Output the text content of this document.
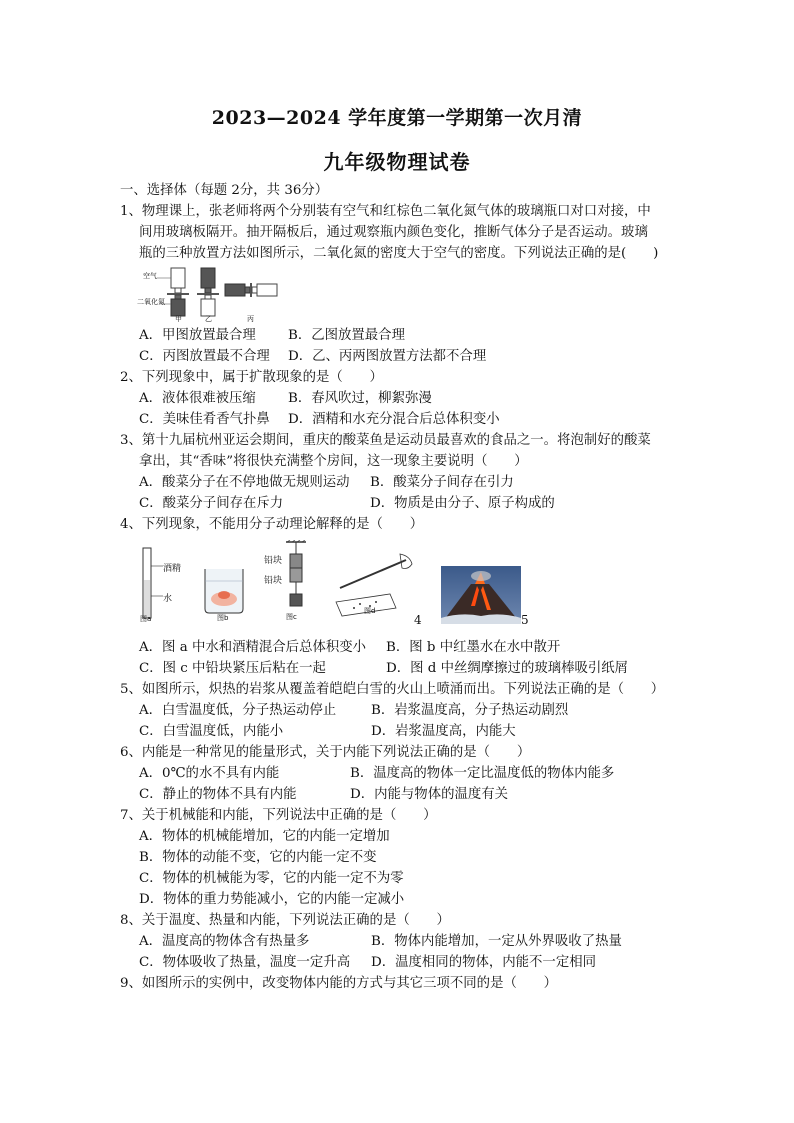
2023—2024 学年度第一学期第一次月清
九年级物理试卷
一、选择体（每题 2分，共 36分）
1、物理课上，张老师将两个分别装有空气和红棕色二氧化氮气体的玻璃瓶口对口对接，中
间用玻璃板隔开。抽开隔板后，通过观察瓶内颜色变化，推断气体分子是否运动。玻璃
瓶的三种放置方法如图所示，二氧化氮的密度大于空气的密度。下列说法正确的是(　　)
空气
二氧化氮
甲	乙	丙
A．甲图放置最合理 B．乙图放置最合理
C．丙图放置最不合理 D．乙、丙两图放置方法都不合理
2、下列现象中，属于扩散现象的是（　　）
A．液体很难被压缩 B．春风吹过，柳絮弥漫
C．美味佳肴香气扑鼻 D．酒精和水充分混合后总体积变小
3、第十九届杭州亚运会期间，重庆的酸菜鱼是运动员最喜欢的食品之一。将泡制好的酸菜
拿出，其“香味”将很快充满整个房间，这一现象主要说明（　　）
A．酸菜分子在不停地做无规则运动 B．酸菜分子间存在引力
C．酸菜分子间存在斥力	D．物质是由分子、原子构成的
4、下列现象，不能用分子动理论解释的是（　　）
酒精
水
图a	图b
铅块
铅块
图c
图d
4	5
A．图 a 中水和酒精混合后总体积变小 B．图 b 中红墨水在水中散开
C．图 c 中铅块紧压后粘在一起	D．图 d 中丝绸摩擦过的玻璃棒吸引纸屑
5、如图所示，炽热的岩浆从覆盖着皑皑白雪的火山上喷涌而出。下列说法正确的是（　　）
A．白雪温度低，分子热运动停止	B．岩浆温度高，分子热运动剧烈
C．白雪温度低，内能小	D．岩浆温度高，内能大
6、内能是一种常见的能量形式，关于内能下列说法正确的是（　　）
A．0℃的水不具有内能	B．温度高的物体一定比温度低的物体内能多
C．静止的物体不具有内能	D．内能与物体的温度有关
7、关于机械能和内能，下列说法中正确的是（　　）
A．物体的机械能增加，它的内能一定增加
B．物体的动能不变，它的内能一定不变
C．物体的机械能为零，它的内能一定不为零
D．物体的重力势能减小，它的内能一定减小
8、关于温度、热量和内能，下列说法正确的是（　　）
A．温度高的物体含有热量多	B．物体内能增加，一定从外界吸收了热量
C．物体吸收了热量，温度一定升高 D．温度相同的物体，内能不一定相同
9、如图所示的实例中，改变物体内能的方式与其它三项不同的是（　　）
